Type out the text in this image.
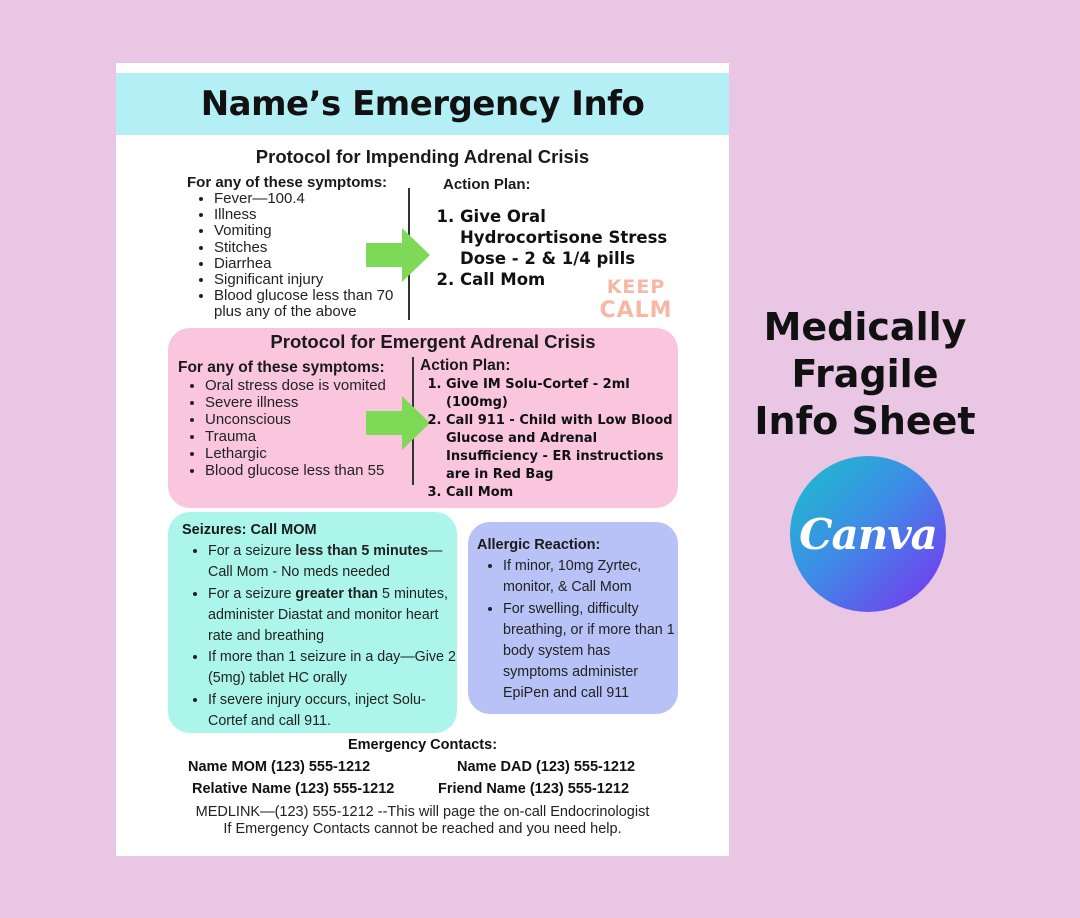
Name’s Emergency Info
Protocol for Impending Adrenal Crisis
For any of these symptoms:
• Fever—100.4
• Illness
• Vomiting
• Stitches
• Diarrhea
• Significant injury
• Blood glucose less than 70 plus any of the above
Action Plan:
1. Give Oral Hydrocortisone Stress Dose - 2 & 1/4 pills
2. Call Mom	KEEP
CALM
Protocol for Emergent Adrenal Crisis
For any of these symptoms:
• Oral stress dose is vomited
• Severe illness
• Unconscious
• Trauma
• Lethargic
• Blood glucose less than 55
Action Plan:
1. Give IM Solu-Cortef - 2ml (100mg)
2. Call 911 - Child with Low Blood Glucose and Adrenal Insufficiency - ER instructions are in Red Bag
3. Call Mom
Seizures: Call MOM
• For a seizure less than 5 minutes—Call Mom - No meds needed
• For a seizure greater than 5 minutes, administer Diastat and monitor heart rate and breathing
• If more than 1 seizure in a day—Give 2 (5mg) tablet HC orally
• If severe injury occurs, inject Solu-Cortef and call 911.
Allergic Reaction:
• If minor, 10mg Zyrtec, monitor, & Call Mom
• For swelling, difficulty breathing, or if more than 1 body system has symptoms administer EpiPen and call 911
Emergency Contacts:
Name MOM (123) 555-1212	Name DAD (123) 555-1212
Relative Name (123) 555-1212	Friend Name (123) 555-1212
MEDLINK—(123) 555-1212 --This will page the on-call Endocrinologist
If Emergency Contacts cannot be reached and you need help.
Medically
Fragile
Info Sheet
Canva
